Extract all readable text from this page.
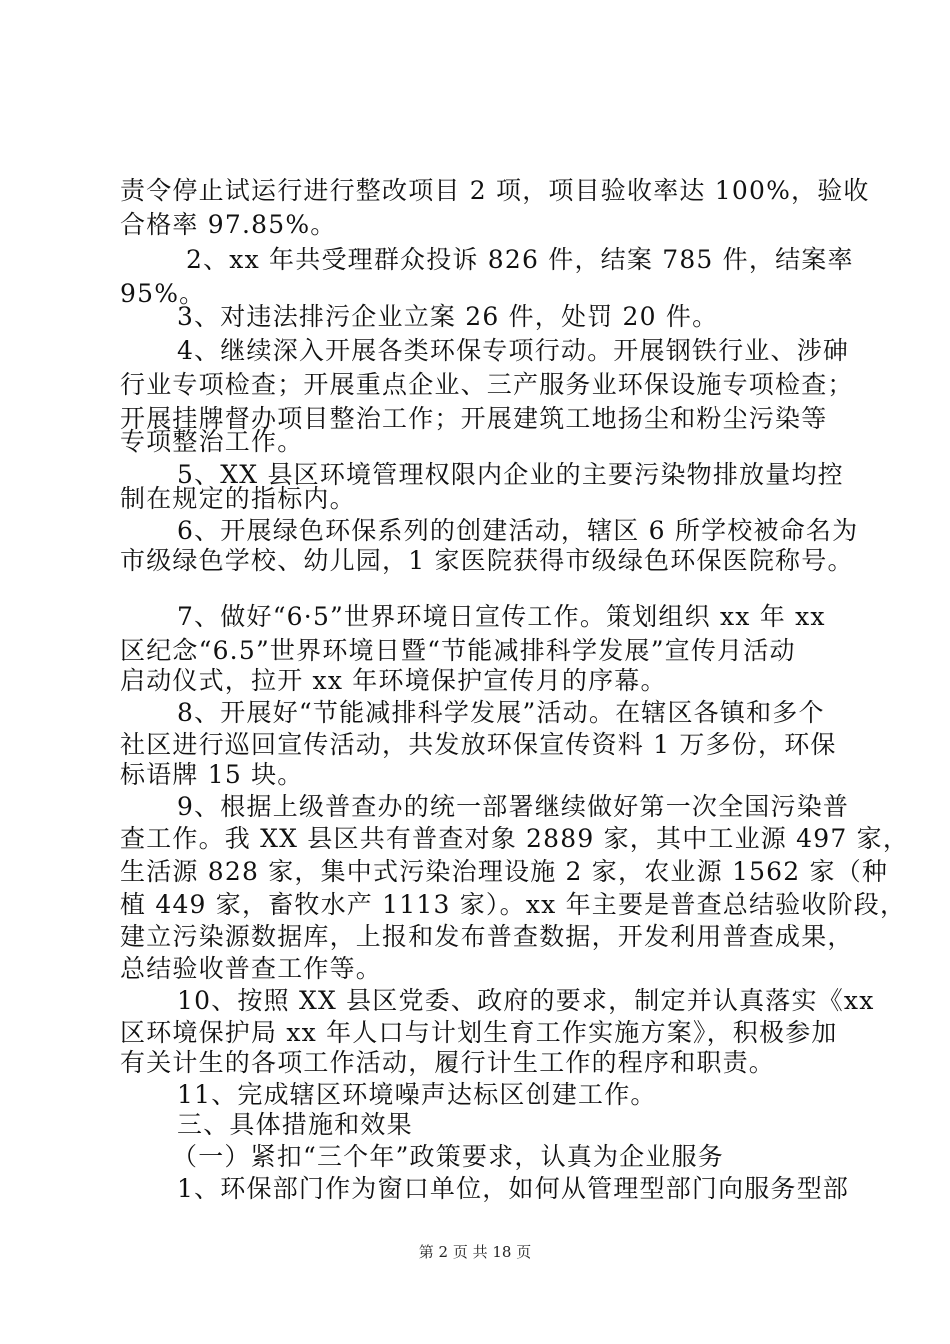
责令停止试运行进行整改项目 2 项，项目验收率达 100%，验收
合格率 97.85%。
2、xx 年共受理群众投诉 826 件，结案 785 件，结案率
95%。
3、对违法排污企业立案 26 件，处罚 20 件。
4、继续深入开展各类环保专项行动。开展钢铁行业、涉砷
行业专项检查；开展重点企业、三产服务业环保设施专项检查；
开展挂牌督办项目整治工作；开展建筑工地扬尘和粉尘污染等
专项整治工作。
5、XX 县区环境管理权限内企业的主要污染物排放量均控
制在规定的指标内。
6、开展绿色环保系列的创建活动，辖区 6 所学校被命名为
市级绿色学校、幼儿园，1 家医院获得市级绿色环保医院称号。
7、做好“6·5”世界环境日宣传工作。策划组织 xx 年 xx
区纪念“6.5”世界环境日暨“节能减排科学发展”宣传月活动
启动仪式，拉开 xx 年环境保护宣传月的序幕。
8、开展好“节能减排科学发展”活动。在辖区各镇和多个
社区进行巡回宣传活动，共发放环保宣传资料 1 万多份，环保
标语牌 15 块。
9、根据上级普查办的统一部署继续做好第一次全国污染普
查工作。我 XX 县区共有普查对象 2889 家，其中工业源 497 家，
生活源 828 家，集中式污染治理设施 2 家，农业源 1562 家（种
植 449 家，畜牧水产 1113 家）。xx 年主要是普查总结验收阶段，
建立污染源数据库，上报和发布普查数据，开发利用普查成果，
总结验收普查工作等。
10、按照 XX 县区党委、政府的要求，制定并认真落实《xx
区环境保护局 xx 年人口与计划生育工作实施方案》，积极参加
有关计生的各项工作活动，履行计生工作的程序和职责。
11、完成辖区环境噪声达标区创建工作。
三、具体措施和效果
（一）紧扣“三个年”政策要求，认真为企业服务
1、环保部门作为窗口单位，如何从管理型部门向服务型部
第 2 页 共 18 页
